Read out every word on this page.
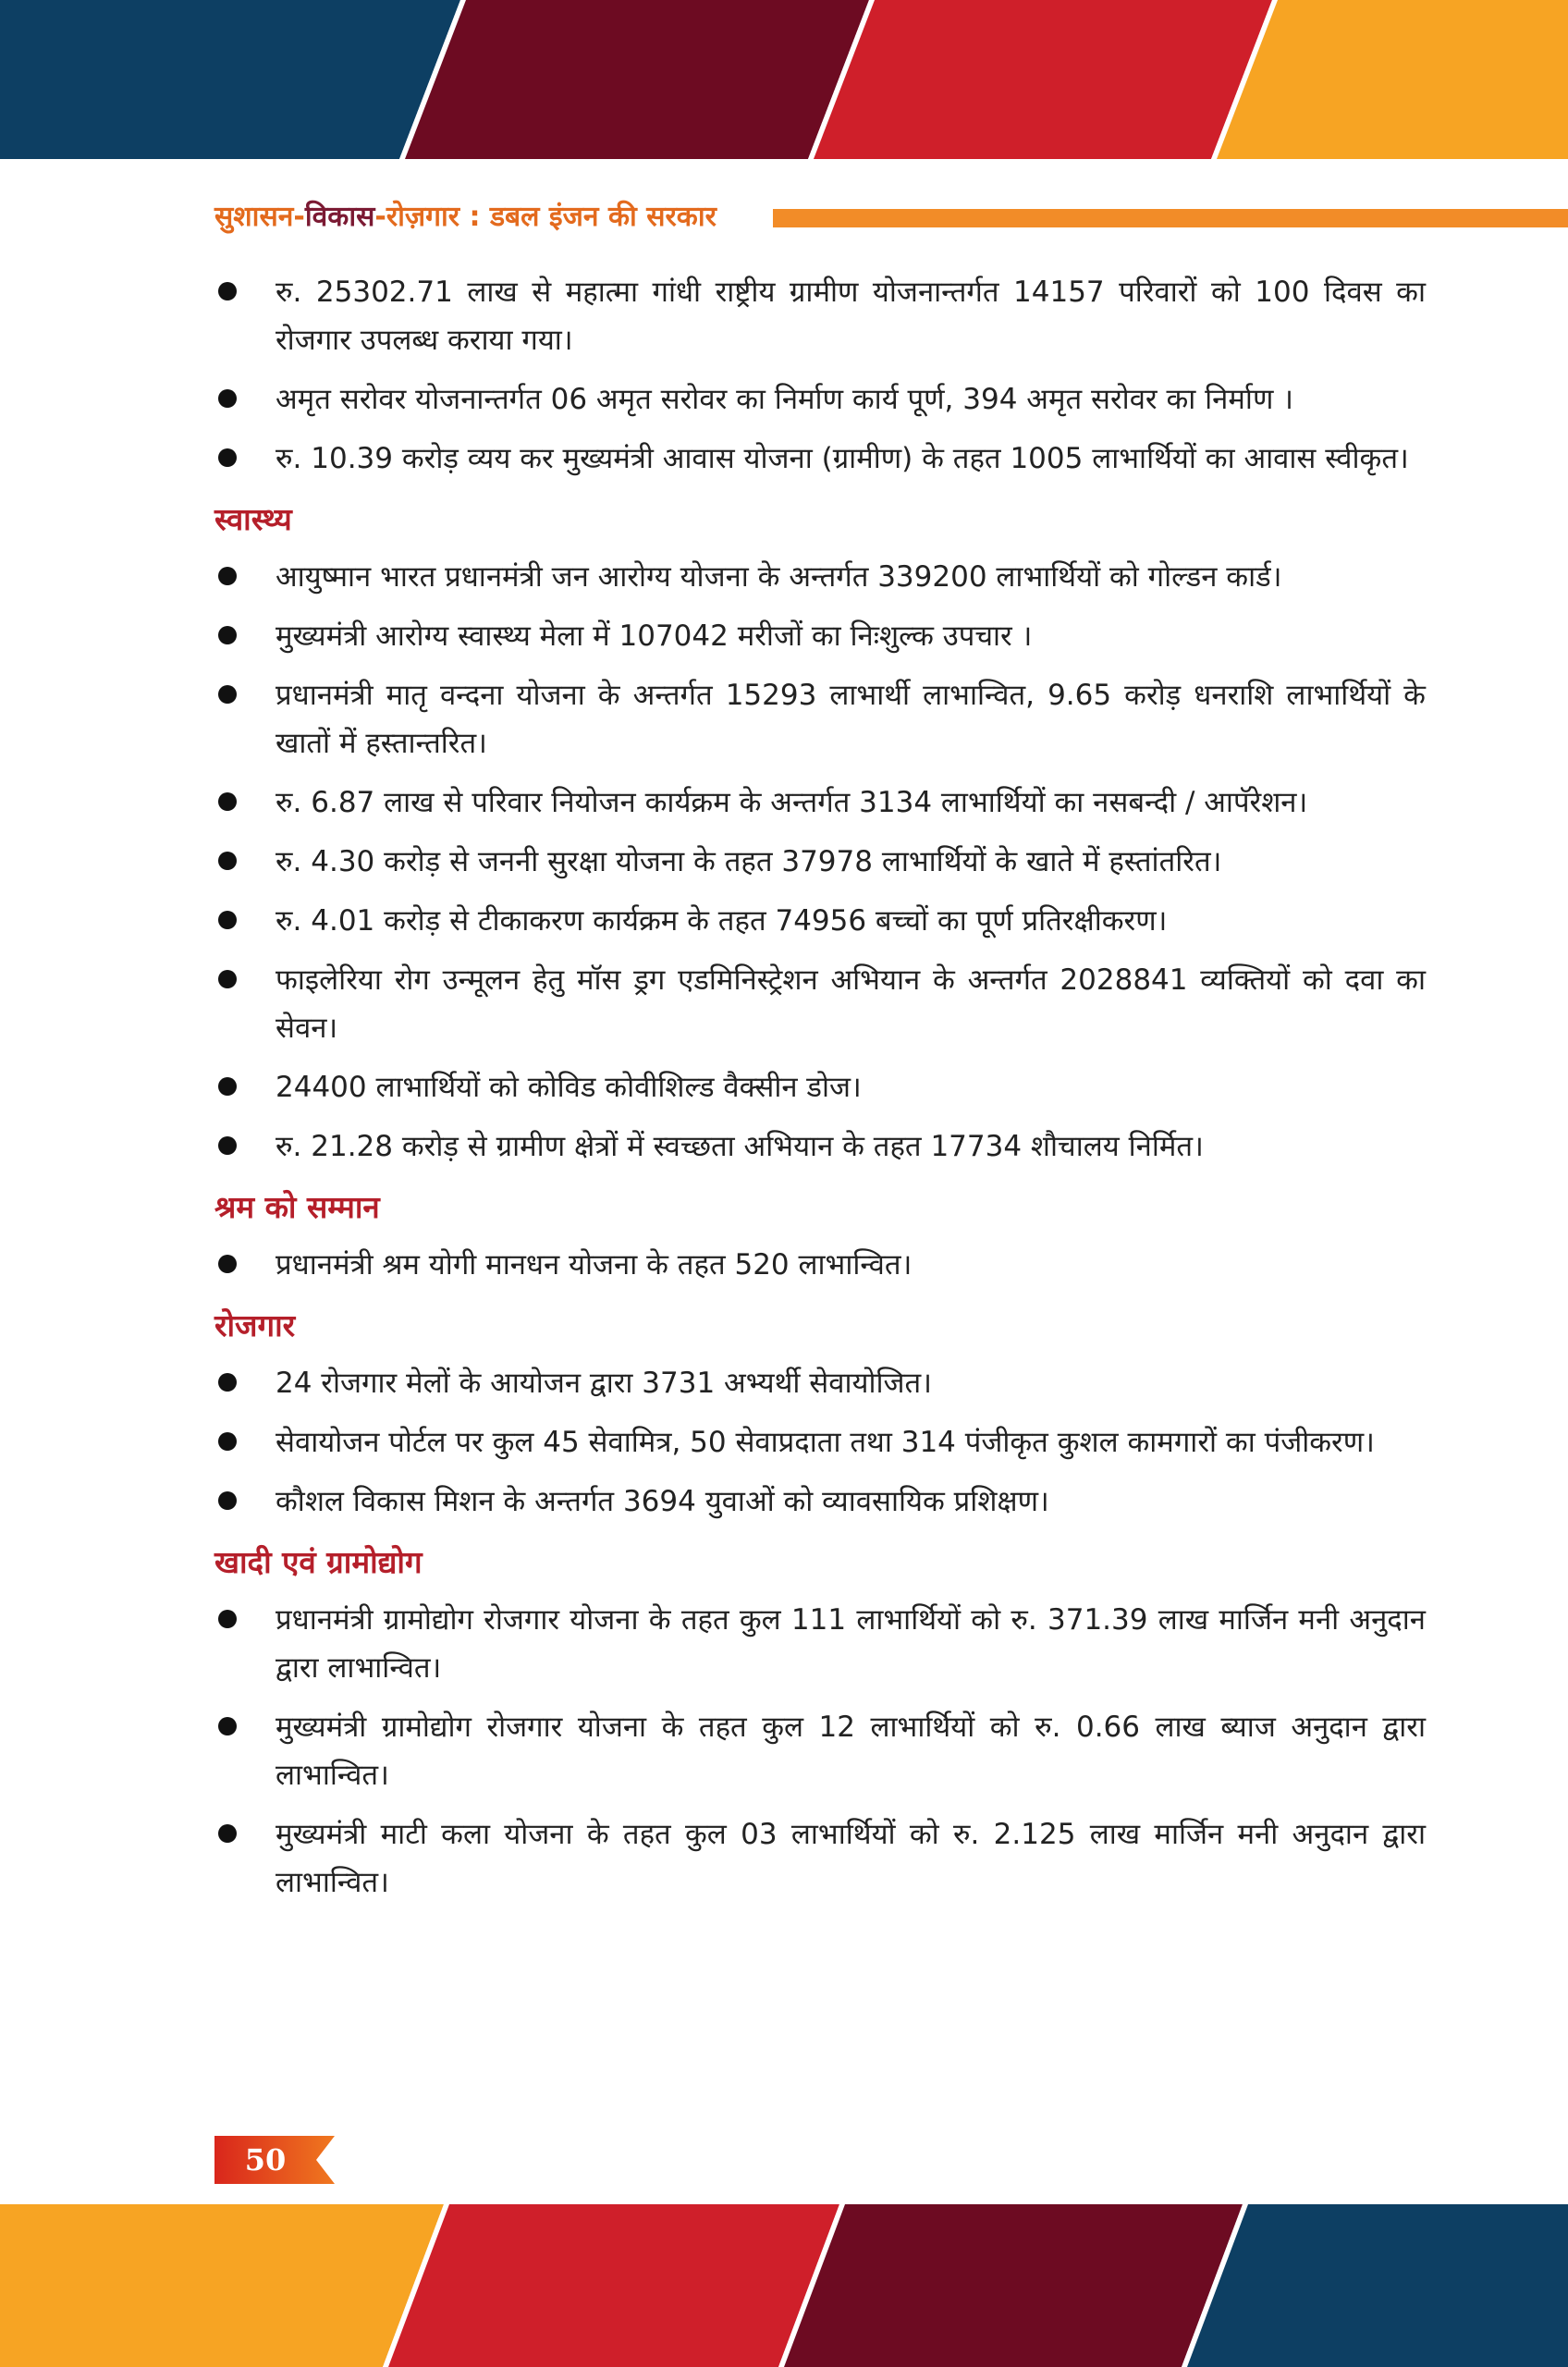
सुशासन-विकास-रोज़गार : डबल इंजन की सरकार
रु. 25302.71 लाख से महात्मा गांधी राष्ट्रीय ग्रामीण योजनान्तर्गत 14157 परिवारों को 100 दिवस का रोजगार उपलब्ध कराया गया।
अमृत सरोवर योजनान्तर्गत 06 अमृत सरोवर का निर्माण कार्य पूर्ण, 394 अमृत सरोवर का निर्माण ।
रु. 10.39 करोड़ व्यय कर मुख्यमंत्री आवास योजना (ग्रामीण) के तहत 1005 लाभार्थियों का आवास स्वीकृत।
स्वास्थ्य
आयुष्मान भारत प्रधानमंत्री जन आरोग्य योजना के अन्तर्गत 339200 लाभार्थियों को गोल्डन कार्ड।
मुख्यमंत्री आरोग्य स्वास्थ्य मेला में 107042 मरीजों का निःशुल्क उपचार ।
प्रधानमंत्री मातृ वन्दना योजना के अन्तर्गत 15293 लाभार्थी लाभान्वित, 9.65 करोड़ धनराशि लाभार्थियों के खातों में हस्तान्तरित।
रु. 6.87 लाख से परिवार नियोजन कार्यक्रम के अन्तर्गत 3134 लाभार्थियों का नसबन्दी / आपॅरेशन।
रु. 4.30 करोड़ से जननी सुरक्षा योजना के तहत 37978 लाभार्थियों के खाते में हस्तांतरित।
रु. 4.01 करोड़ से टीकाकरण कार्यक्रम के तहत 74956 बच्चों का पूर्ण प्रतिरक्षीकरण।
फाइलेरिया रोग उन्मूलन हेतु मॉस ड्रग एडमिनिस्ट्रेशन अभियान के अन्तर्गत 2028841 व्यक्तियों को दवा का सेवन।
24400 लाभार्थियों को कोविड कोवीशिल्ड वैक्सीन डोज।
रु. 21.28 करोड़ से ग्रामीण क्षेत्रों में स्वच्छता अभियान के तहत 17734 शौचालय निर्मित।
श्रम को सम्मान
प्रधानमंत्री श्रम योगी मानधन योजना के तहत 520 लाभान्वित।
रोजगार
24 रोजगार मेलों के आयोजन द्वारा 3731 अभ्यर्थी सेवायोजित।
सेवायोजन पोर्टल पर कुल 45 सेवामित्र, 50 सेवाप्रदाता तथा 314 पंजीकृत कुशल कामगारों का पंजीकरण।
कौशल विकास मिशन के अन्तर्गत 3694 युवाओं को व्यावसायिक प्रशिक्षण।
खादी एवं ग्रामोद्योग
प्रधानमंत्री ग्रामोद्योग रोजगार योजना के तहत कुल 111 लाभार्थियों को रु. 371.39 लाख मार्जिन मनी अनुदान द्वारा लाभान्वित।
मुख्यमंत्री ग्रामोद्योग रोजगार योजना के तहत कुल 12 लाभार्थियों को रु. 0.66 लाख ब्याज अनुदान द्वारा लाभान्वित।
मुख्यमंत्री माटी कला योजना के तहत कुल 03 लाभार्थियों को रु. 2.125 लाख मार्जिन मनी अनुदान द्वारा लाभान्वित।
50
